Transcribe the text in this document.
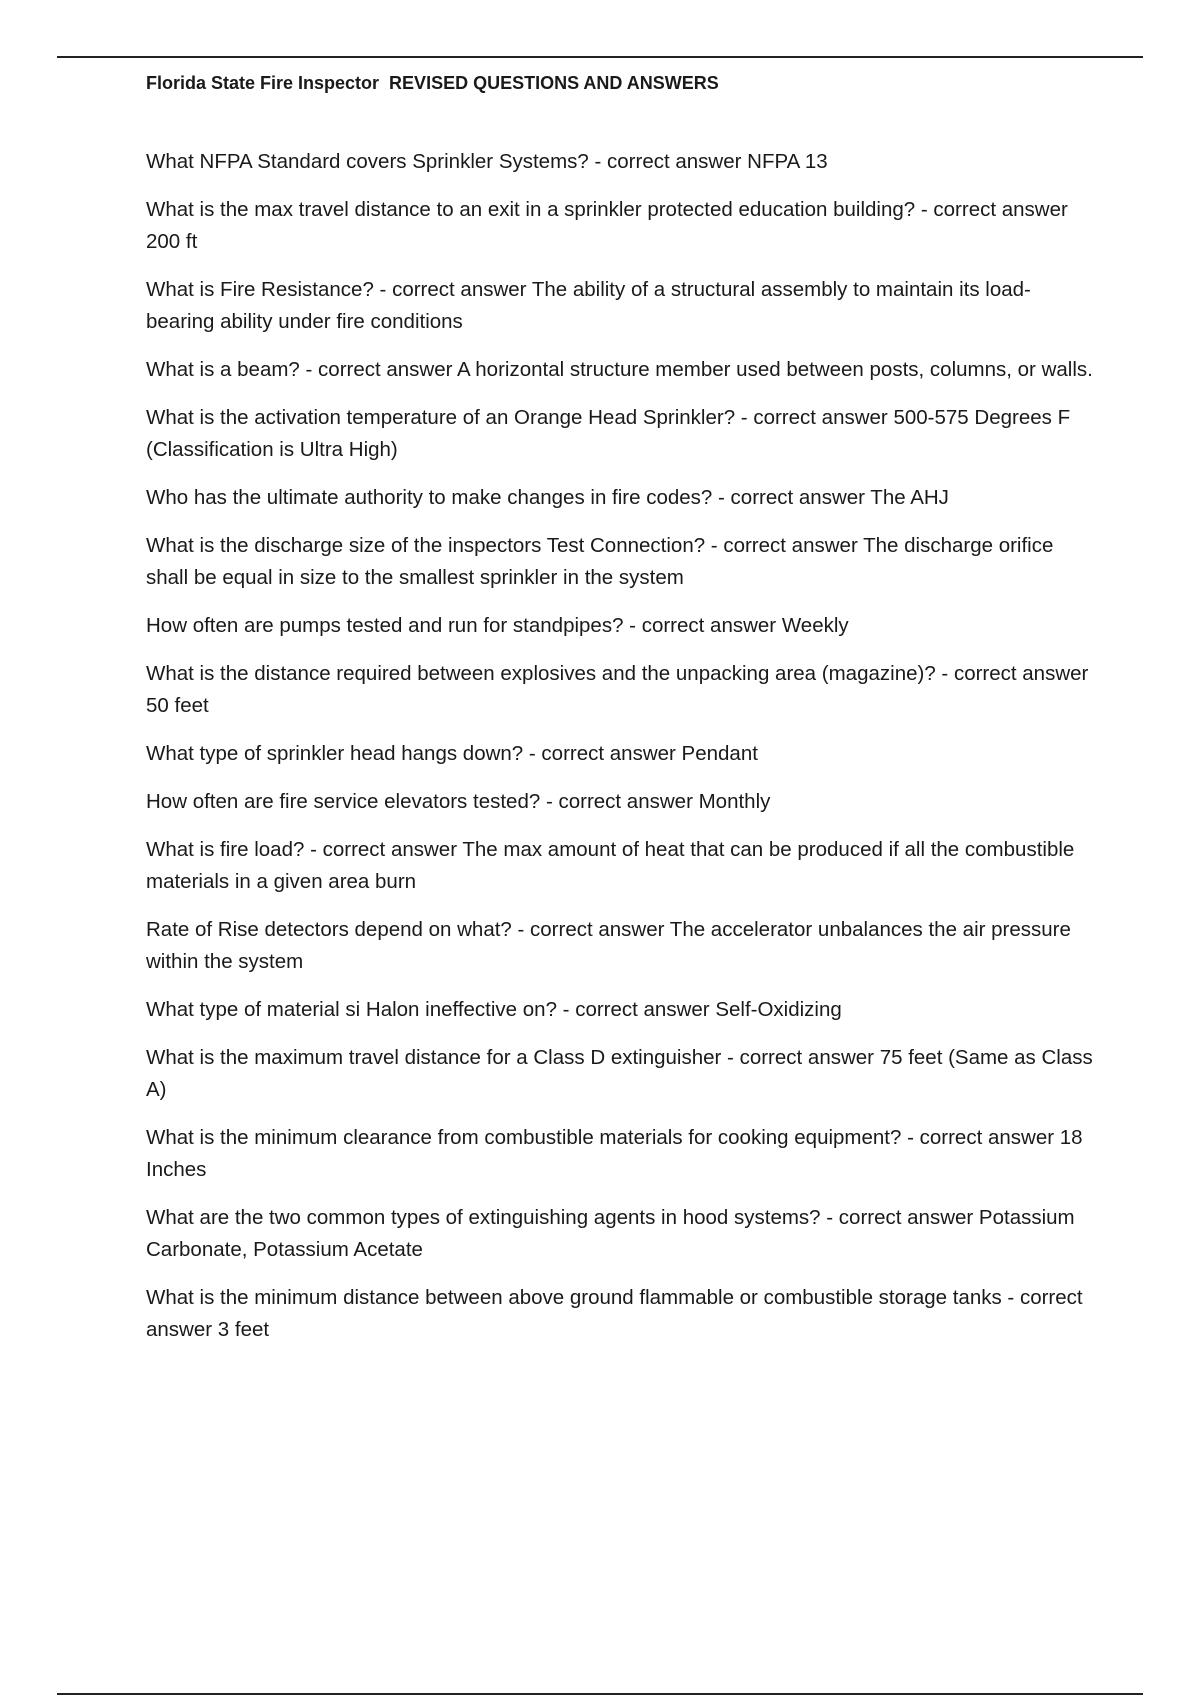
Florida State Fire Inspector  REVISED QUESTIONS AND ANSWERS

What NFPA Standard covers Sprinkler Systems? - correct answer NFPA 13

What is the max travel distance to an exit in a sprinkler protected education building? - correct answer 200 ft

What is Fire Resistance? - correct answer The ability of a structural assembly to maintain its load-bearing ability under fire conditions

What is a beam? - correct answer A horizontal structure member used between posts, columns, or walls.

What is the activation temperature of an Orange Head Sprinkler? - correct answer 500-575 Degrees F (Classification is Ultra High)

Who has the ultimate authority to make changes in fire codes? - correct answer The AHJ

What is the discharge size of the inspectors Test Connection? - correct answer The discharge orifice shall be equal in size to the smallest sprinkler in the system

How often are pumps tested and run for standpipes? - correct answer Weekly

What is the distance required between explosives and the unpacking area (magazine)? - correct answer 50 feet

What type of sprinkler head hangs down? - correct answer Pendant

How often are fire service elevators tested? - correct answer Monthly

What is fire load? - correct answer The max amount of heat that can be produced if all the combustible materials in a given area burn

Rate of Rise detectors depend on what? - correct answer The accelerator unbalances the air pressure within the system

What type of material si Halon ineffective on? - correct answer Self-Oxidizing

What is the maximum travel distance for a Class D extinguisher - correct answer 75 feet (Same as Class A)

What is the minimum clearance from combustible materials for cooking equipment? - correct answer 18 Inches

What are the two common types of extinguishing agents in hood systems? - correct answer Potassium Carbonate, Potassium Acetate

What is the minimum distance between above ground flammable or combustible storage tanks - correct answer 3 feet
